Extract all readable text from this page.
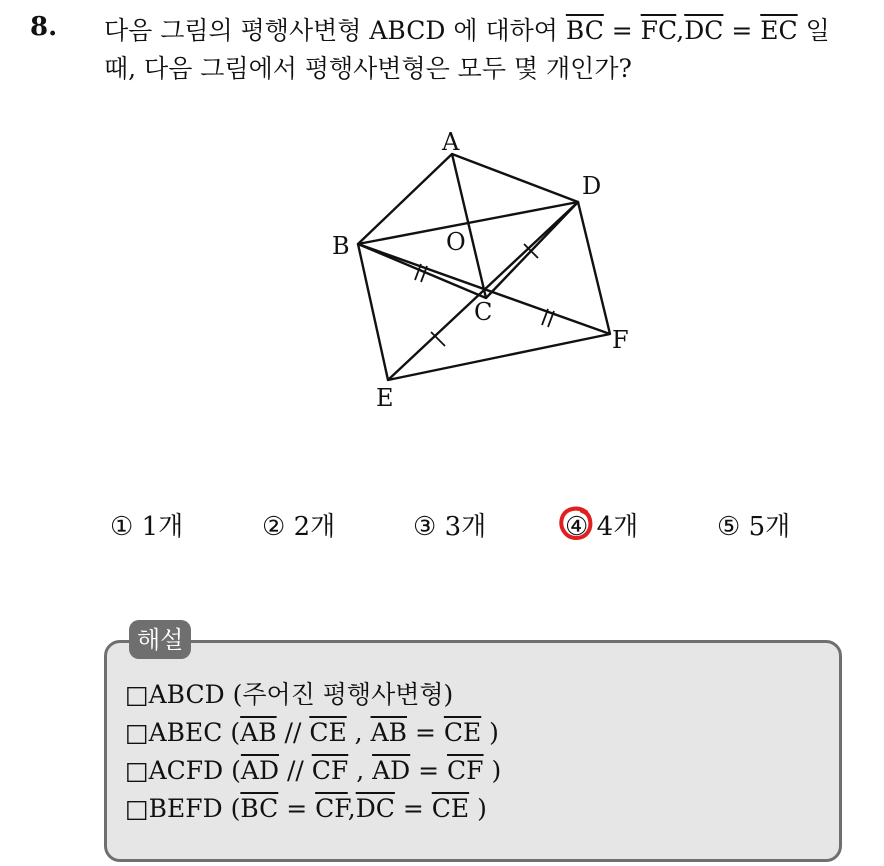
8. 다음 그림의 평행사변형 ABCD 에 대하여 $\overline{BC} = \overline{FC},\overline{DC} = \overline{EC}$ 일
때, 다음 그림에서 평행사변형은 모두 몇 개인가?
A
B
C
D
E
F
O
① 1개	② 2개	③ 3개	④ 4개	⑤ 5개
해설
□ABCD (주어진 평행사변형)
□ABEC ($\overline{AB} // \overline{CE}$ , $\overline{AB} = \overline{CE}$ )
□ACFD ($\overline{AD} // \overline{CF}$ , $\overline{AD} = \overline{CF}$ )
□BEFD ($\overline{BC} = \overline{CF},\overline{DC} = \overline{CE}$ )
